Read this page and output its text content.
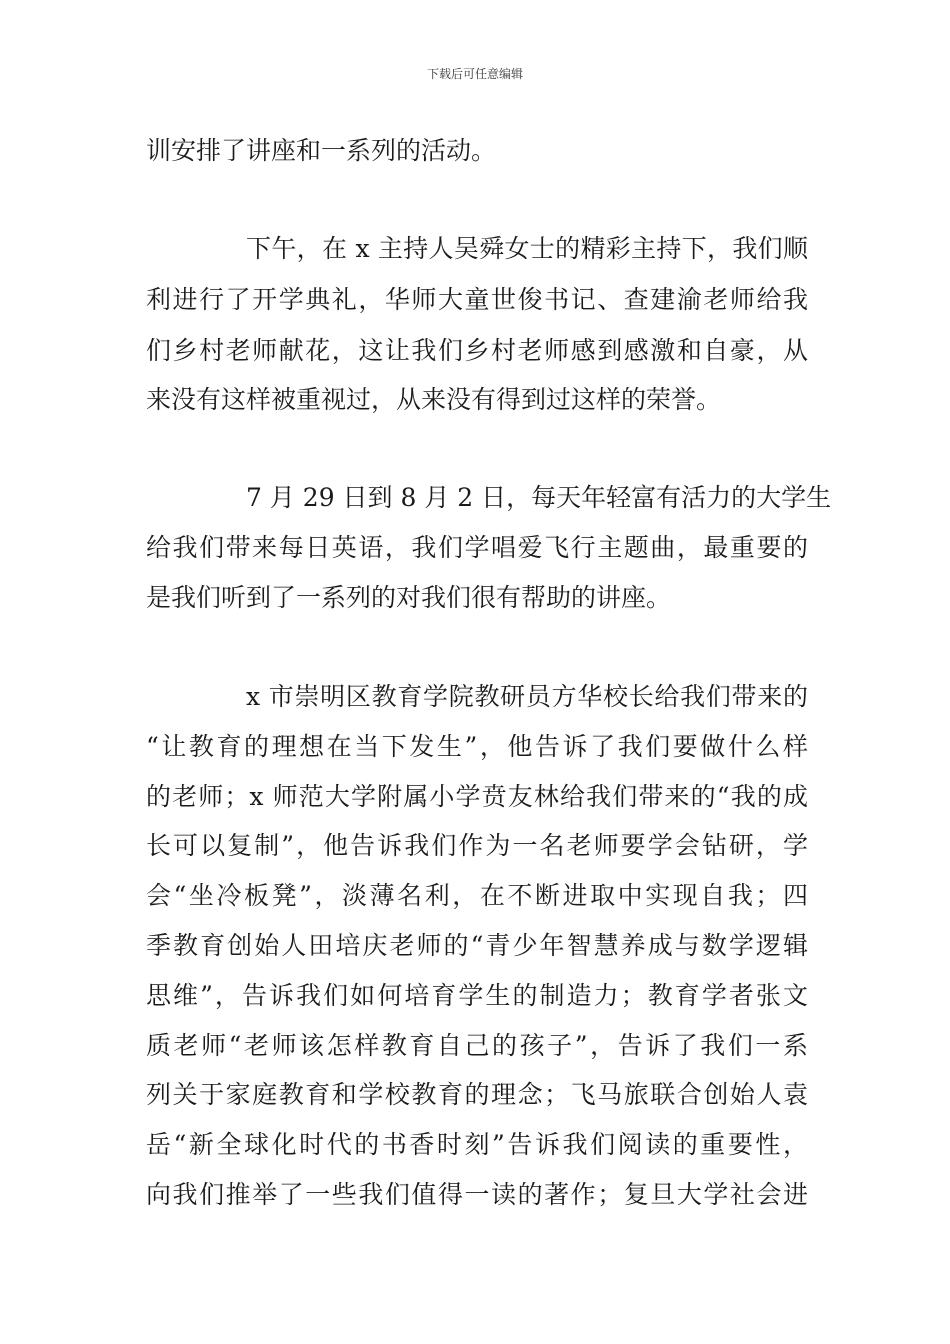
下载后可任意编辑
训安排了讲座和一系列的活动。
下午，在 x 主持人吴舜女士的精彩主持下，我们顺
利进行了开学典礼，华师大童世俊书记、查建渝老师给我
们乡村老师献花，这让我们乡村老师感到感激和自豪，从
来没有这样被重视过，从来没有得到过这样的荣誉。
7 月 29 日到 8 月 2 日，每天年轻富有活力的大学生
给我们带来每日英语，我们学唱爱飞行主题曲，最重要的
是我们听到了一系列的对我们很有帮助的讲座。
x 市崇明区教育学院教研员方华校长给我们带来的
“让教育的理想在当下发生”，他告诉了我们要做什么样
的老师；x 师范大学附属小学贲友林给我们带来的“我的成
长可以复制”，他告诉我们作为一名老师要学会钻研，学
会“坐冷板凳”，淡薄名利，在不断进取中实现自我；四
季教育创始人田培庆老师的“青少年智慧养成与数学逻辑
思维”，告诉我们如何培育学生的制造力；教育学者张文
质老师“老师该怎样教育自己的孩子”，告诉了我们一系
列关于家庭教育和学校教育的理念；飞马旅联合创始人袁
岳“新全球化时代的书香时刻”告诉我们阅读的重要性，
向我们推举了一些我们值得一读的著作；复旦大学社会进
